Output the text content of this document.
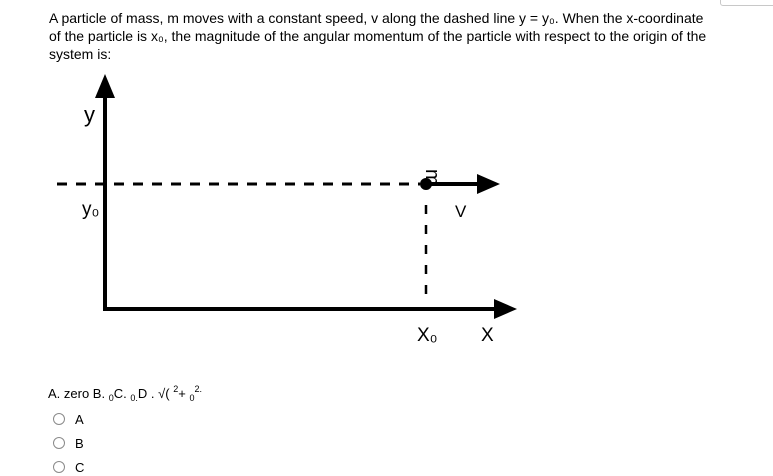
A particle of mass, m moves with a constant speed, v along the dashed line y = y₀. When the x-coordinate of the particle is x₀, the magnitude of the angular momentum of the particle with respect to the origin of the system is:
y
y₀
m
V
X₀ X
A. zero B. $_0$C. $_{0.}$D . √( $^2$+ $_0^{2.}$
A
B
C
